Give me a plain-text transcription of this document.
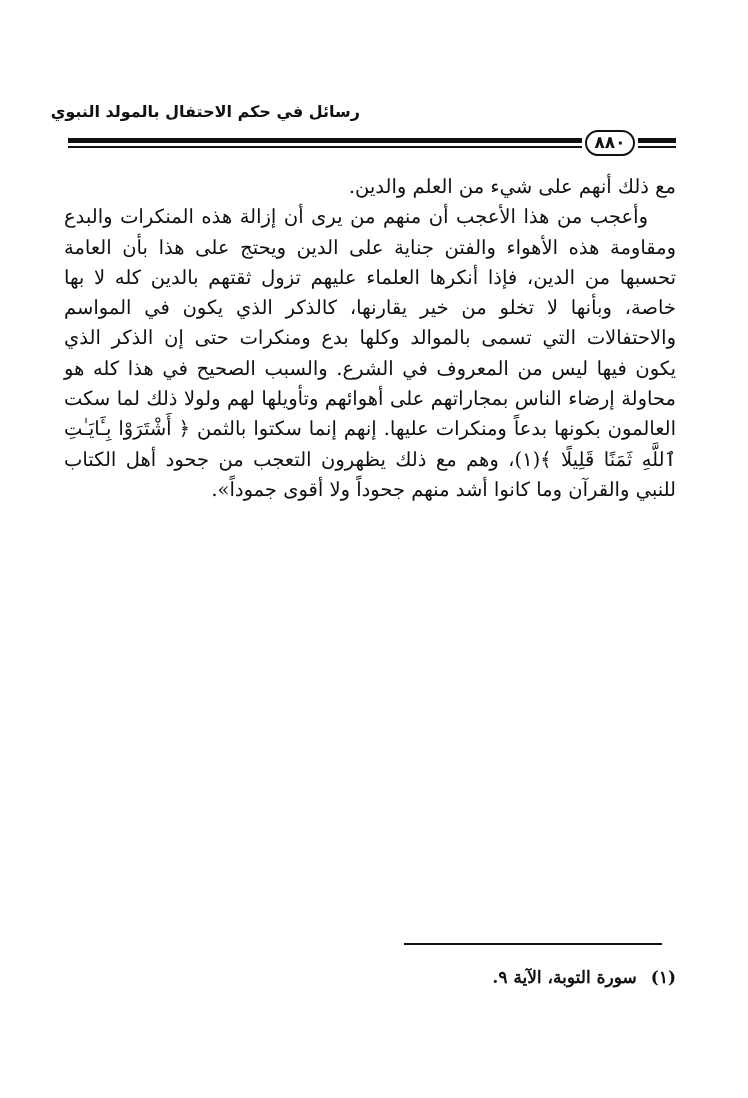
رسائل في حكم الاحتفال بالمولد النبوي
٨٨٠

مع ذلك أنهم على شيء من العلم والدين.

وأعجب من هذا الأعجب أن منهم من يرى أن إزالة هذه المنكرات والبدع ومقاومة هذه الأهواء والفتن جناية على الدين ويحتج على هذا بأن العامة تحسبها من الدين، فإذا أنكرها العلماء عليهم تزول ثقتهم بالدين كله لا بها خاصة، وبأنها لا تخلو من خير يقارنها، كالذكر الذي يكون في المواسم والاحتفالات التي تسمى بالموالد وكلها بدع ومنكرات حتى إن الذكر الذي يكون فيها ليس من المعروف في الشرع. والسبب الصحيح في هذا كله هو محاولة إرضاء الناس بمجاراتهم على أهوائهم وتأويلها لهم ولولا ذلك لما سكت العالمون بكونها بدعاً ومنكرات عليها. إنهم إنما سكتوا بالثمن ﴿ أَشْتَرَوْا بِـَٔايَـٰتِ ٱللَّهِ ثَمَنًا قَلِيلًا ﴾(١)، وهم مع ذلك يظهرون التعجب من جحود أهل الكتاب للنبي والقرآن وما كانوا أشد منهم جحوداً ولا أقوى جموداً».

(١)سورة التوبة، الآية ٩.
